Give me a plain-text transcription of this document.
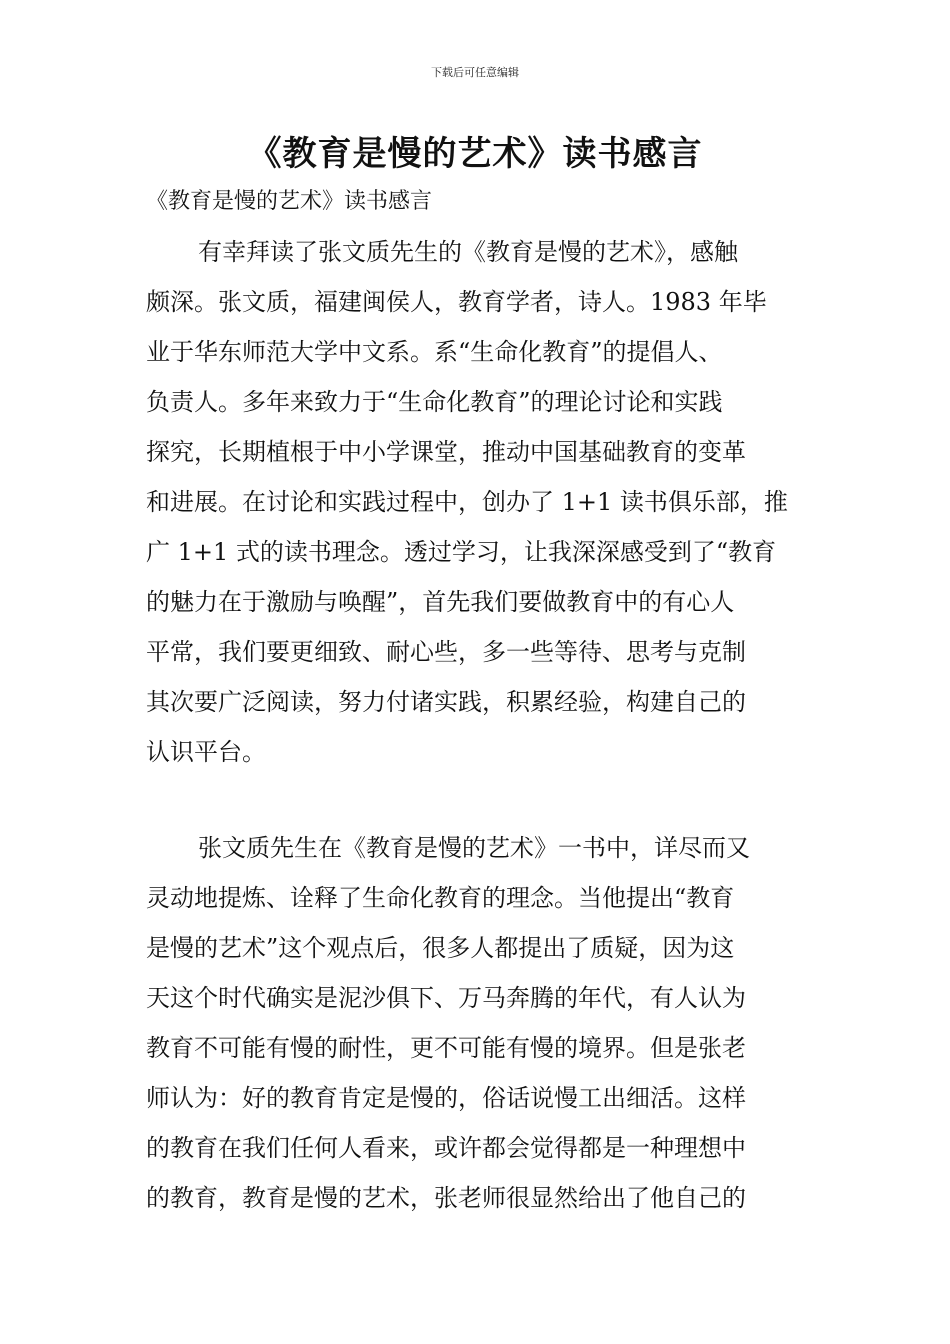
下载后可任意编辑
《教育是慢的艺术》读书感言
《教育是慢的艺术》读书感言
有幸拜读了张文质先生的《教育是慢的艺术》，感触
颇深。张文质，福建闽侯人，教育学者，诗人。1983 年毕
业于华东师范大学中文系。系“生命化教育”的提倡人、
负责人。多年来致力于“生命化教育”的理论讨论和实践
探究，长期植根于中小学课堂，推动中国基础教育的变革
和进展。在讨论和实践过程中，创办了 1+1 读书俱乐部，推
广 1+1 式的读书理念。透过学习，让我深深感受到了“教育
的魅力在于激励与唤醒”，首先我们要做教育中的有心人
平常，我们要更细致、耐心些，多一些等待、思考与克制
其次要广泛阅读，努力付诸实践，积累经验，构建自己的
认识平台。
张文质先生在《教育是慢的艺术》一书中，详尽而又
灵动地提炼、诠释了生命化教育的理念。当他提出“教育
是慢的艺术”这个观点后，很多人都提出了质疑，因为这
天这个时代确实是泥沙俱下、万马奔腾的年代，有人认为
教育不可能有慢的耐性，更不可能有慢的境界。但是张老
师认为：好的教育肯定是慢的，俗话说慢工出细活。这样
的教育在我们任何人看来，或许都会觉得都是一种理想中
的教育，教育是慢的艺术，张老师很显然给出了他自己的
